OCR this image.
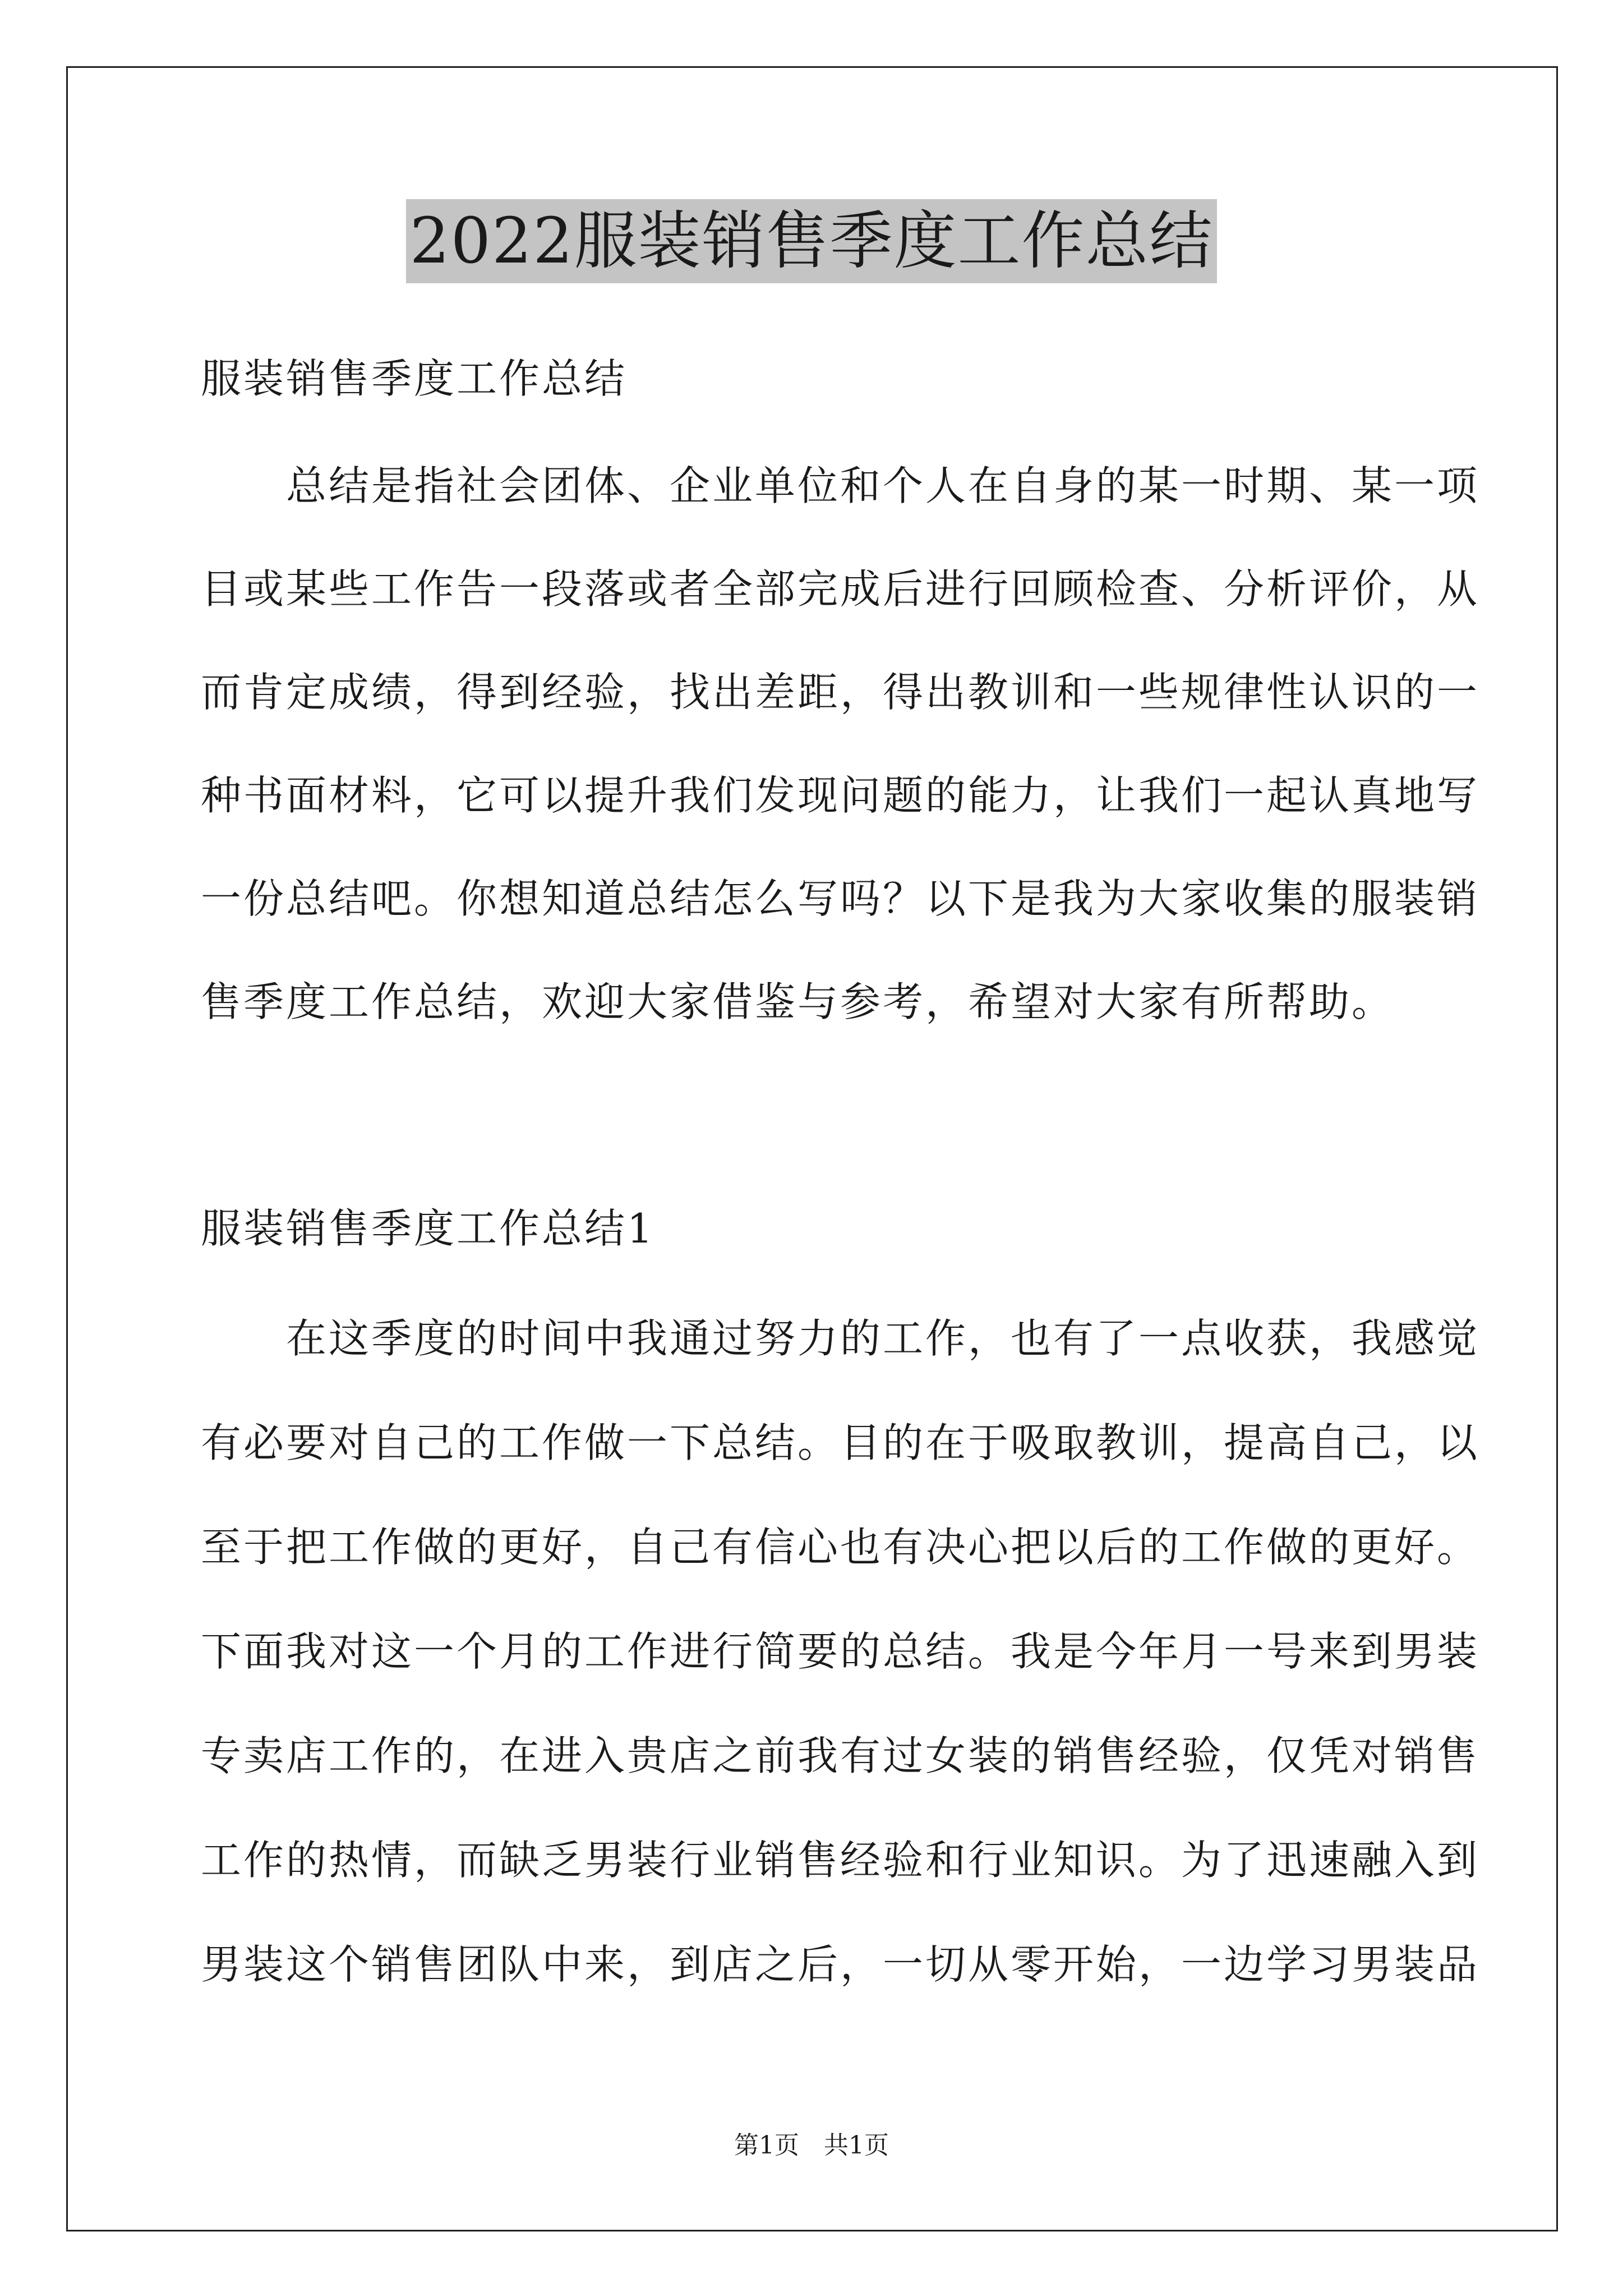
2022服装销售季度工作总结
服装销售季度工作总结
　　总结是指社会团体、企业单位和个人在自身的某一时期、某一项
目或某些工作告一段落或者全部完成后进行回顾检查、分析评价，从
而肯定成绩，得到经验，找出差距，得出教训和一些规律性认识的一
种书面材料，它可以提升我们发现问题的能力，让我们一起认真地写
一份总结吧。你想知道总结怎么写吗？以下是我为大家收集的服装销
售季度工作总结，欢迎大家借鉴与参考，希望对大家有所帮助。
服装销售季度工作总结1
　　在这季度的时间中我通过努力的工作，也有了一点收获，我感觉
有必要对自己的工作做一下总结。目的在于吸取教训，提高自己，以
至于把工作做的更好，自己有信心也有决心把以后的工作做的更好。
下面我对这一个月的工作进行简要的总结。我是今年月一号来到男装
专卖店工作的，在进入贵店之前我有过女装的销售经验，仅凭对销售
工作的热情，而缺乏男装行业销售经验和行业知识。为了迅速融入到
男装这个销售团队中来，到店之后，一切从零开始，一边学习男装品
第1页　共1页
